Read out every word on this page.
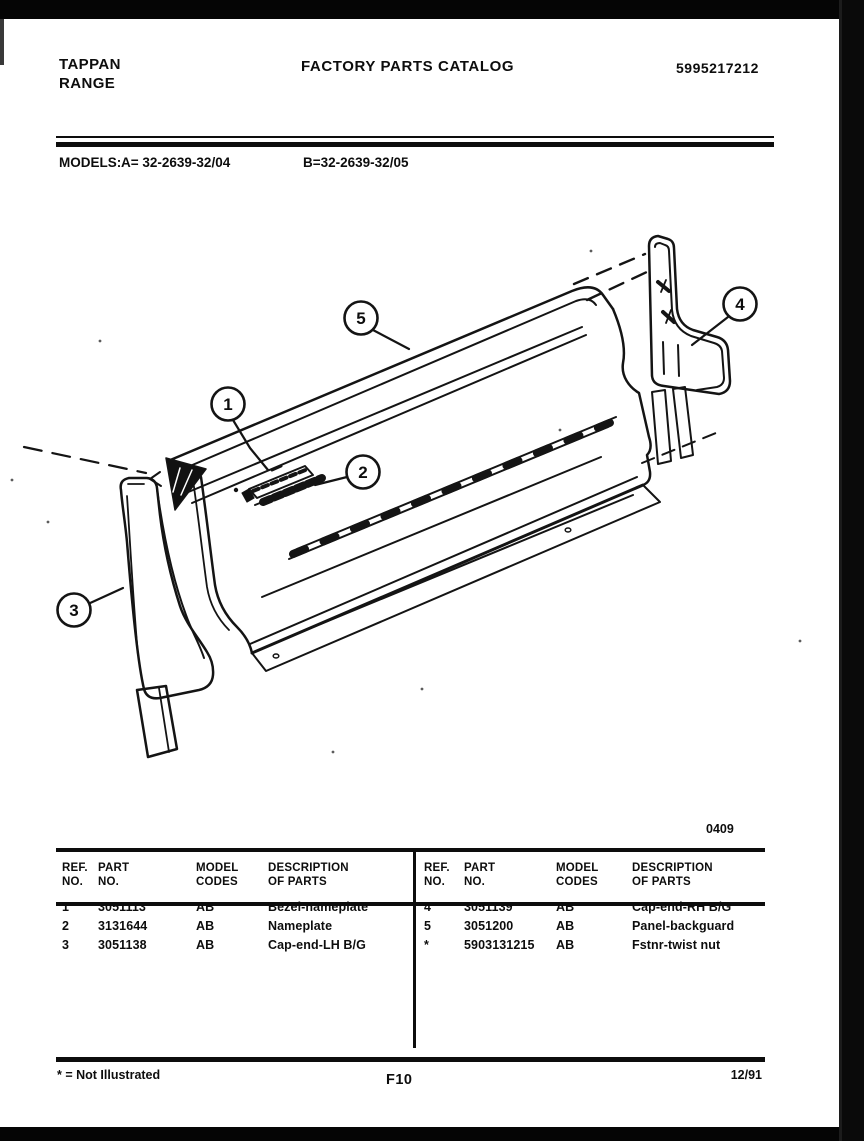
TAPPAN
RANGE
FACTORY PARTS CATALOG	5995217212
MODELS: A= 32-2639-32/04	B=32-2639-32/05
0409
1
2
3
4
5
REF.
NO.
PART
NO.
MODEL
CODES
DESCRIPTION
OF PARTS
1	3051113	AB	Bezel-nameplate
2	3131644	AB	Nameplate
3	3051138	AB	Cap-end-LH B/G
REF.
NO.
PART
NO.
MODEL
CODES
DESCRIPTION
OF PARTS
4	3051139	AB	Cap-end-RH B/G
5	3051200	AB	Panel-backguard
*	5903131215	AB	Fstnr-twist nut
* = Not Illustrated	F10	12/91
